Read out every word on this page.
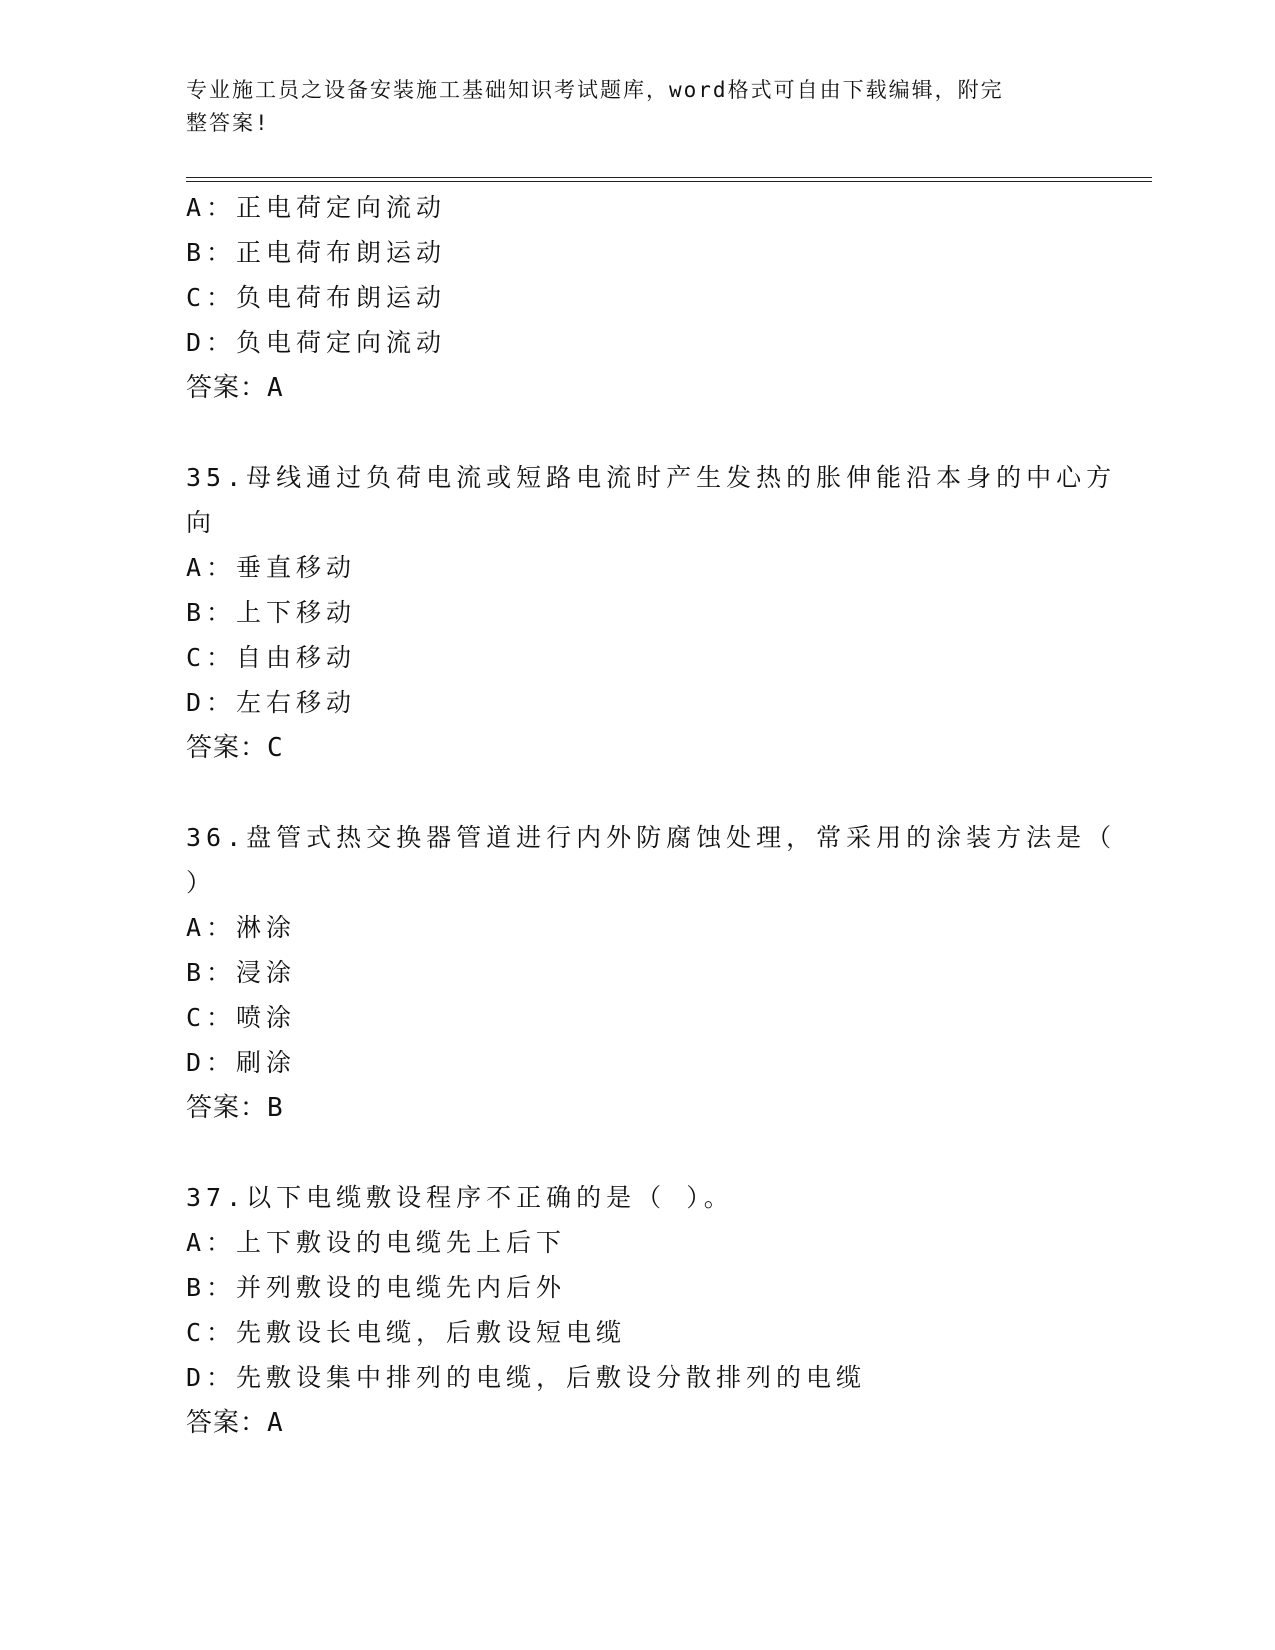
专业施工员之设备安装施工基础知识考试题库，word格式可自由下载编辑，附完
整答案!
A：正电荷定向流动
B：正电荷布朗运动
C：负电荷布朗运动
D：负电荷定向流动
答案：A
35.母线通过负荷电流或短路电流时产生发热的胀伸能沿本身的中心方
向
A：垂直移动
B：上下移动
C：自由移动
D：左右移动
答案：C
36.盘管式热交换器管道进行内外防腐蚀处理，常采用的涂装方法是（
）
A：淋涂
B：浸涂
C：喷涂
D：刷涂
答案：B
37.以下电缆敷设程序不正确的是（ ）。
A：上下敷设的电缆先上后下
B：并列敷设的电缆先内后外
C：先敷设长电缆，后敷设短电缆
D：先敷设集中排列的电缆，后敷设分散排列的电缆
答案：A
